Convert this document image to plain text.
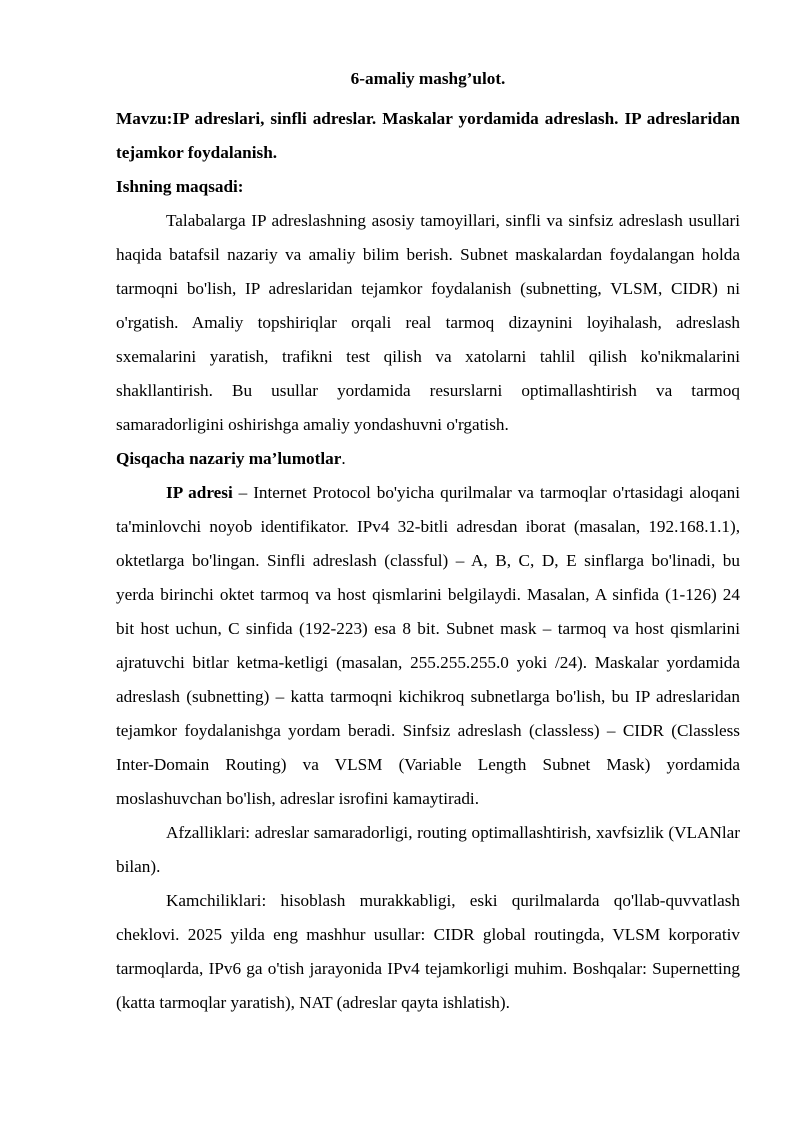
6-amaliy mashg’ulot.
Mavzu:IP adreslari, sinfli adreslar. Maskalar yordamida adreslash. IP adreslaridan tejamkor foydalanish.
Ishning maqsadi:

Talabalarga IP adreslashning asosiy tamoyillari, sinfli va sinfsiz adreslash usullari haqida batafsil nazariy va amaliy bilim berish. Subnet maskalardan foydalangan holda tarmoqni bo'lish, IP adreslaridan tejamkor foydalanish (subnetting, VLSM, CIDR) ni o'rgatish. Amaliy topshiriqlar orqali real tarmoq dizaynini loyihalash, adreslash sxemalarini yaratish, trafikni test qilish va xatolarni tahlil qilish ko'nikmalarini shakllantirish. Bu usullar yordamida resurslarni optimallashtirish va tarmoq samaradorligini oshirishga amaliy yondashuvni o'rgatish.

Qisqacha nazariy ma’lumotlar.

IP adresi – Internet Protocol bo'yicha qurilmalar va tarmoqlar o'rtasidagi aloqani ta'minlovchi noyob identifikator. IPv4 32-bitli adresdan iborat (masalan, 192.168.1.1), oktetlarga bo'lingan. Sinfli adreslash (classful) – A, B, C, D, E sinflarga bo'linadi, bu yerda birinchi oktet tarmoq va host qismlarini belgilaydi. Masalan, A sinfida (1-126) 24 bit host uchun, C sinfida (192-223) esa 8 bit. Subnet mask – tarmoq va host qismlarini ajratuvchi bitlar ketma-ketligi (masalan, 255.255.255.0 yoki /24). Maskalar yordamida adreslash (subnetting) – katta tarmoqni kichikroq subnetlarga bo'lish, bu IP adreslaridan tejamkor foydalanishga yordam beradi. Sinfsiz adreslash (classless) – CIDR (Classless Inter-Domain Routing) va VLSM (Variable Length Subnet Mask) yordamida moslashuvchan bo'lish, adreslar isrofini kamaytiradi.

Afzalliklari: adreslar samaradorligi, routing optimallashtirish, xavfsizlik (VLANlar bilan).

Kamchiliklari: hisoblash murakkabligi, eski qurilmalarda qo'llab-quvvatlash cheklovi. 2025 yilda eng mashhur usullar: CIDR global routingda, VLSM korporativ tarmoqlarda, IPv6 ga o'tish jarayonida IPv4 tejamkorligi muhim. Boshqalar: Supernetting (katta tarmoqlar yaratish), NAT (adreslar qayta ishlatish).
